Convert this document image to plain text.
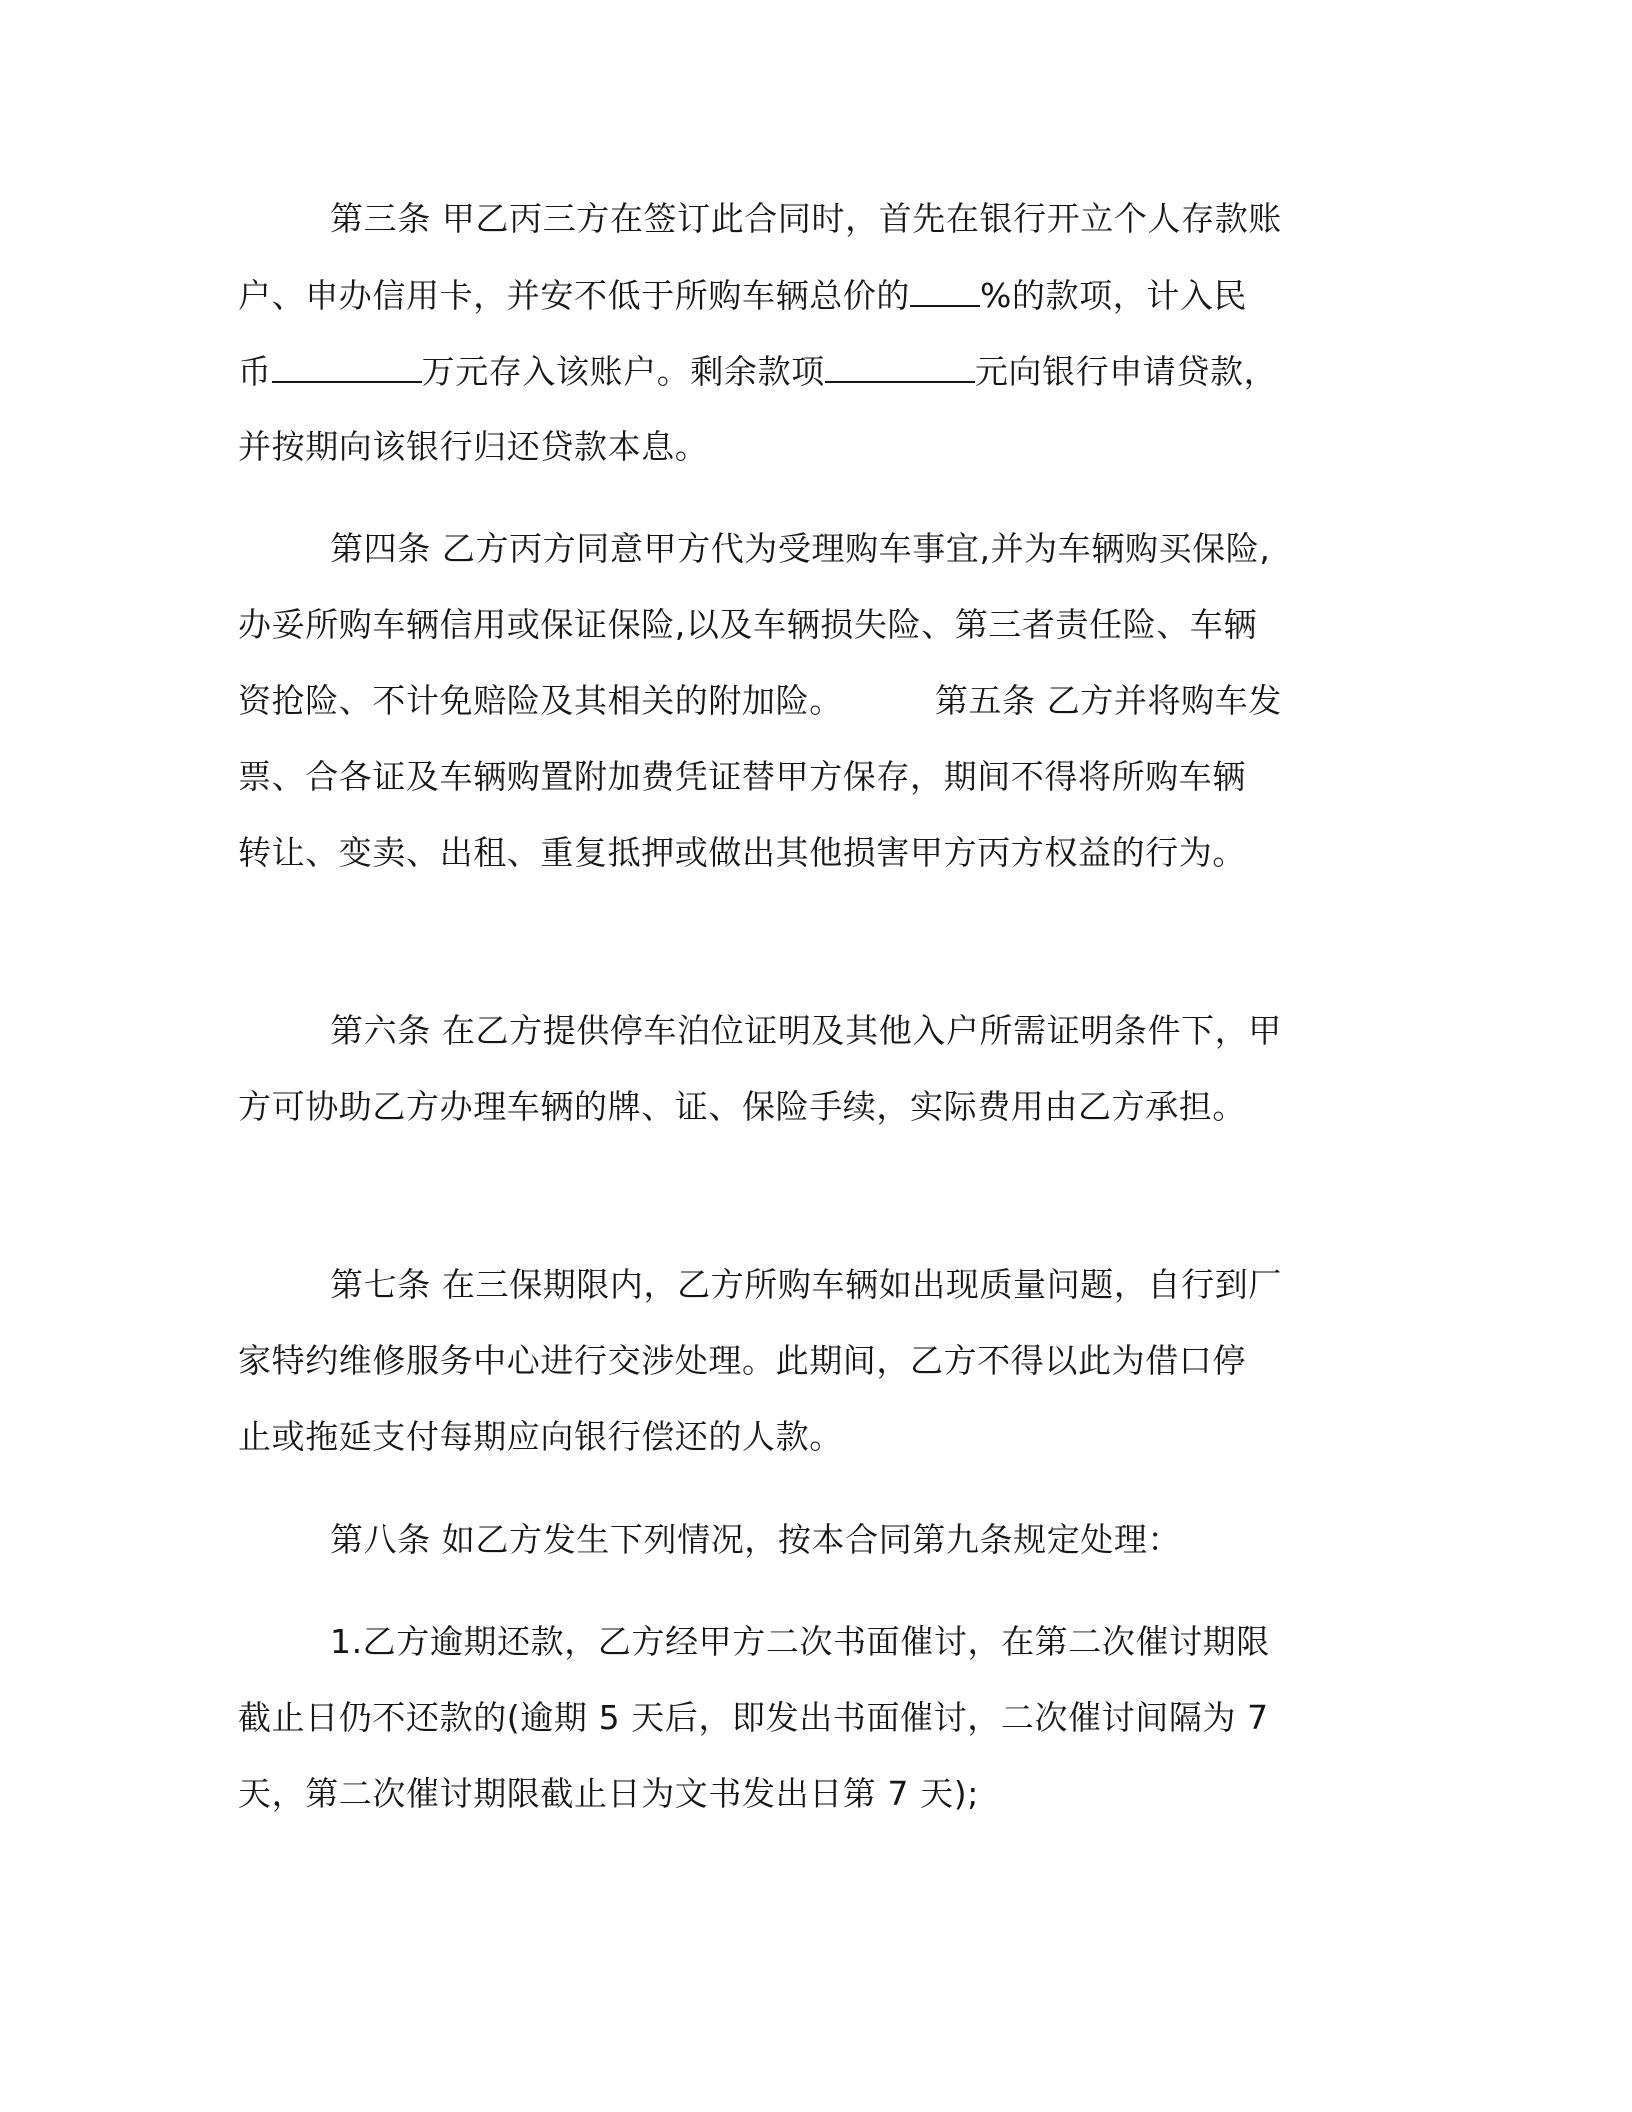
第三条 甲乙丙三方在签订此合同时，首先在银行开立个人存款账
户、申办信用卡，并安不低于所购车辆总价的 %的款项，计入民
币	万元存入该账户。剩余款项	元向银行申请贷款，
并按期向该银行归还贷款本息。
第四条 乙方丙方同意甲方代为受理购车事宜,并为车辆购买保险,
办妥所购车辆信用或保证保险,以及车辆损失险、第三者责任险、车辆
资抢险、不计免赔险及其相关的附加险。	第五条 乙方并将购车发
票、合各证及车辆购置附加费凭证替甲方保存，期间不得将所购车辆
转让、变卖、出租、重复抵押或做出其他损害甲方丙方权益的行为。
第六条 在乙方提供停车泊位证明及其他入户所需证明条件下，甲
方可协助乙方办理车辆的牌、证、保险手续，实际费用由乙方承担。
第七条 在三保期限内，乙方所购车辆如出现质量问题，自行到厂
家特约维修服务中心进行交涉处理。此期间，乙方不得以此为借口停
止或拖延支付每期应向银行偿还的人款。
第八条 如乙方发生下列情况，按本合同第九条规定处理：
1.乙方逾期还款，乙方经甲方二次书面催讨，在第二次催讨期限
截止日仍不还款的(逾期 5 天后，即发出书面催讨，二次催讨间隔为 7
天，第二次催讨期限截止日为文书发出日第 7 天);
